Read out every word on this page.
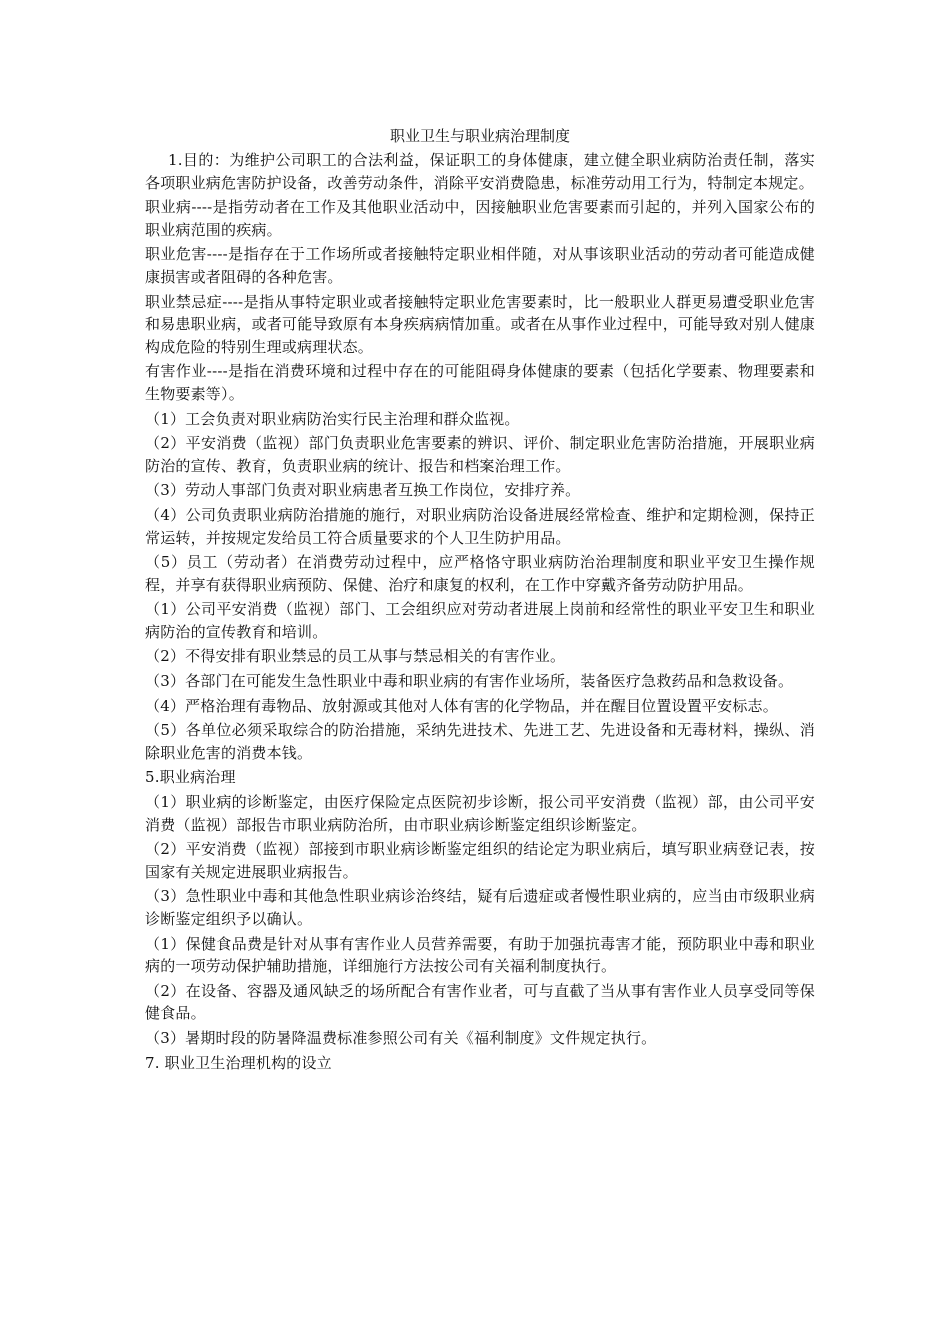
职业卫生与职业病治理制度

1.目的：为维护公司职工的合法利益，保证职工的身体健康，建立健全职业病防治责任制，落实各项职业病危害防护设备，改善劳动条件，消除平安消费隐患，标准劳动用工行为，特制定本规定。

职业病----是指劳动者在工作及其他职业活动中，因接触职业危害要素而引起的，并列入国家公布的职业病范围的疾病。

职业危害----是指存在于工作场所或者接触特定职业相伴随，对从事该职业活动的劳动者可能造成健康损害或者阻碍的各种危害。

职业禁忌症----是指从事特定职业或者接触特定职业危害要素时，比一般职业人群更易遭受职业危害和易患职业病，或者可能导致原有本身疾病病情加重。或者在从事作业过程中，可能导致对别人健康构成危险的特别生理或病理状态。

有害作业----是指在消费环境和过程中存在的可能阻碍身体健康的要素（包括化学要素、物理要素和生物要素等）。

（1）工会负责对职业病防治实行民主治理和群众监视。

（2）平安消费（监视）部门负责职业危害要素的辨识、评价、制定职业危害防治措施，开展职业病防治的宣传、教育，负责职业病的统计、报告和档案治理工作。

（3）劳动人事部门负责对职业病患者互换工作岗位，安排疗养。

（4）公司负责职业病防治措施的施行，对职业病防治设备进展经常检查、维护和定期检测，保持正常运转，并按规定发给员工符合质量要求的个人卫生防护用品。

（5）员工（劳动者）在消费劳动过程中，应严格恪守职业病防治治理制度和职业平安卫生操作规程，并享有获得职业病预防、保健、治疗和康复的权利，在工作中穿戴齐备劳动防护用品。

（1）公司平安消费（监视）部门、工会组织应对劳动者进展上岗前和经常性的职业平安卫生和职业病防治的宣传教育和培训。

（2）不得安排有职业禁忌的员工从事与禁忌相关的有害作业。

（3）各部门在可能发生急性职业中毒和职业病的有害作业场所，装备医疗急救药品和急救设备。

（4）严格治理有毒物品、放射源或其他对人体有害的化学物品，并在醒目位置设置平安标志。

（5）各单位必须采取综合的防治措施，采纳先进技术、先进工艺、先进设备和无毒材料，操纵、消除职业危害的消费本钱。

5.职业病治理

（1）职业病的诊断鉴定，由医疗保险定点医院初步诊断，报公司平安消费（监视）部，由公司平安消费（监视）部报告市职业病防治所，由市职业病诊断鉴定组织诊断鉴定。

（2）平安消费（监视）部接到市职业病诊断鉴定组织的结论定为职业病后，填写职业病登记表，按国家有关规定进展职业病报告。

（3）急性职业中毒和其他急性职业病诊治终结，疑有后遗症或者慢性职业病的，应当由市级职业病诊断鉴定组织予以确认。

（1）保健食品费是针对从事有害作业人员营养需要，有助于加强抗毒害才能，预防职业中毒和职业病的一项劳动保护辅助措施，详细施行方法按公司有关福利制度执行。

（2）在设备、容器及通风缺乏的场所配合有害作业者，可与直截了当从事有害作业人员享受同等保健食品。

（3）暑期时段的防暑降温费标准参照公司有关《福利制度》文件规定执行。

7. 职业卫生治理机构的设立
